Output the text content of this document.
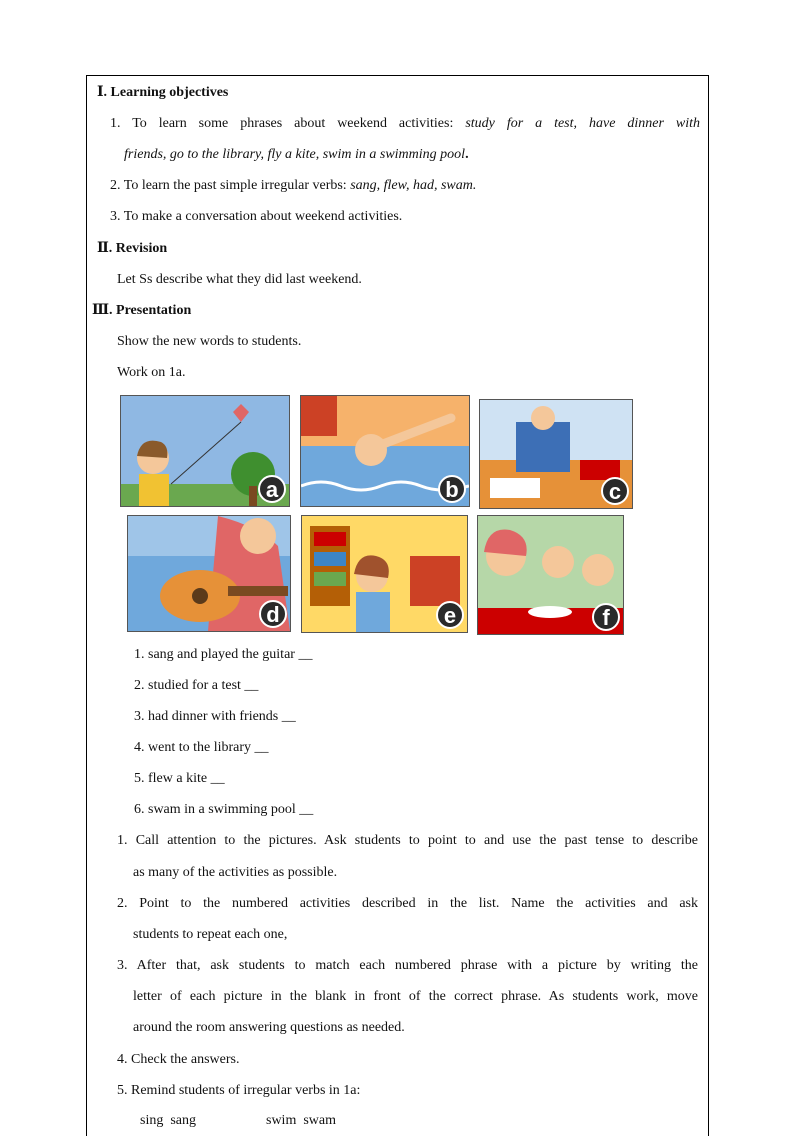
Ⅰ. Learning objectives
1. To learn some phrases about weekend activities: study for a test, have dinner with
friends, go to the library, fly a kite, swim in a swimming pool.
2. To learn the past simple irregular verbs: sang, flew, had, swam.
3. To make a conversation about weekend activities.
Ⅱ. Revision
Let Ss describe what they did last weekend.
Ⅲ. Presentation
Show the new words to students.
Work on 1a.
a	b	c
d	e	f
1. sang and played the guitar __
2. studied for a test __
3. had dinner with friends __
4. went to the library __
5. flew a kite __
6. swam in a swimming pool __
1. Call attention to the pictures. Ask students to point to and use the past tense to describe
as many of the activities as possible.
2. Point to the numbered activities described in the list. Name the activities and ask
students to repeat each one,
3. After that, ask students to match each numbered phrase with a picture by writing the
letter of each picture in the blank in front of the correct phrase. As students work, move
around the room answering questions as needed.
4. Check the answers.
5. Remind students of irregular verbs in 1a:
sing  sang                    swim  swam
